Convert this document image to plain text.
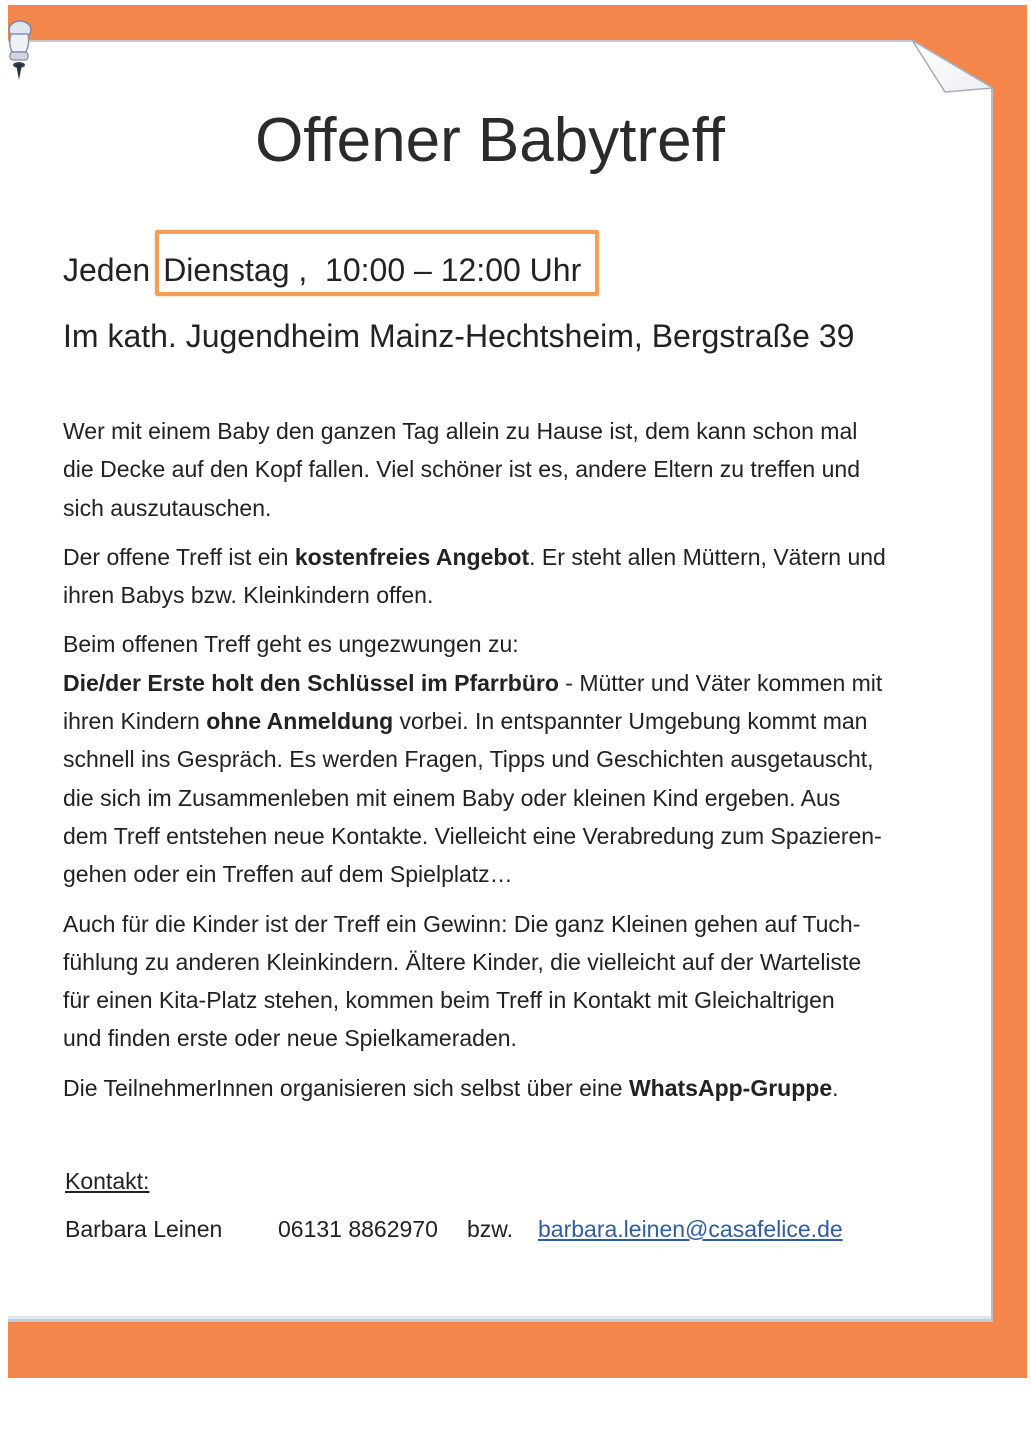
Offener Babytreff
Jeden Dienstag ,  10:00 – 12:00 Uhr
Im kath. Jugendheim Mainz-Hechtsheim, Bergstraße 39
Wer mit einem Baby den ganzen Tag allein zu Hause ist, dem kann schon mal
die Decke auf den Kopf fallen. Viel schöner ist es, andere Eltern zu treffen und
sich auszutauschen.
Der offene Treff ist ein kostenfreies Angebot. Er steht allen Müttern, Vätern und
ihren Babys bzw. Kleinkindern offen.
Beim offenen Treff geht es ungezwungen zu:
Die/der Erste holt den Schlüssel im Pfarrbüro - Mütter und Väter kommen mit
ihren Kindern ohne Anmeldung vorbei. In entspannter Umgebung kommt man
schnell ins Gespräch. Es werden Fragen, Tipps und Geschichten ausgetauscht,
die sich im Zusammenleben mit einem Baby oder kleinen Kind ergeben. Aus
dem Treff entstehen neue Kontakte. Vielleicht eine Verabredung zum Spazieren-
gehen oder ein Treffen auf dem Spielplatz…
Auch für die Kinder ist der Treff ein Gewinn: Die ganz Kleinen gehen auf Tuch-
fühlung zu anderen Kleinkindern. Ältere Kinder, die vielleicht auf der Warteliste
für einen Kita-Platz stehen, kommen beim Treff in Kontakt mit Gleichaltrigen
und finden erste oder neue Spielkameraden.
Die TeilnehmerInnen organisieren sich selbst über eine WhatsApp-Gruppe.
Kontakt:
Barbara Leinen 06131 8862970 bzw. barbara.leinen@casafelice.de
